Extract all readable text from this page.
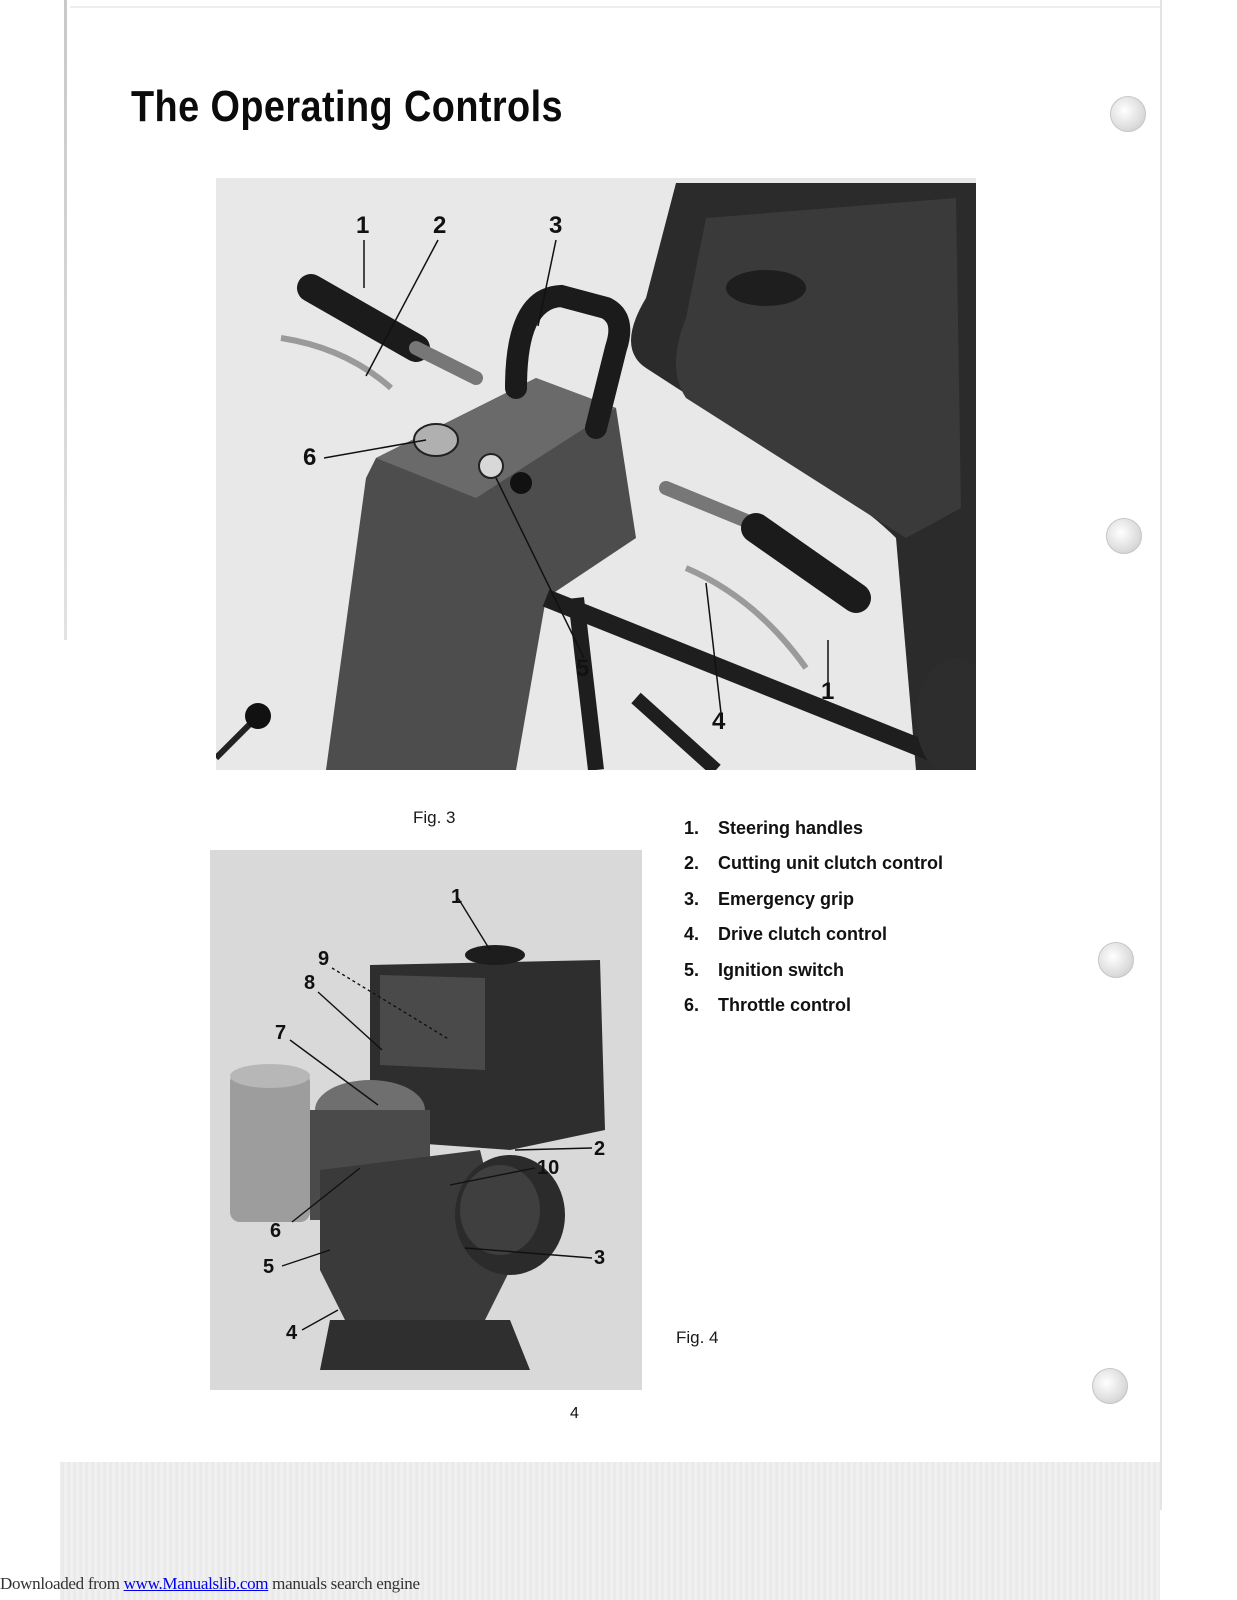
The Operating Controls
1	2	3
6
5
4
1
Fig. 3
1
9
8
7
2
10
6
5	3
4	Fig. 4
1. Steering handles
2. Cutting unit clutch control
3. Emergency grip
4. Drive clutch control
5. Ignition switch
6. Throttle control
4
Downloaded from www.Manualslib.com manuals search engine
